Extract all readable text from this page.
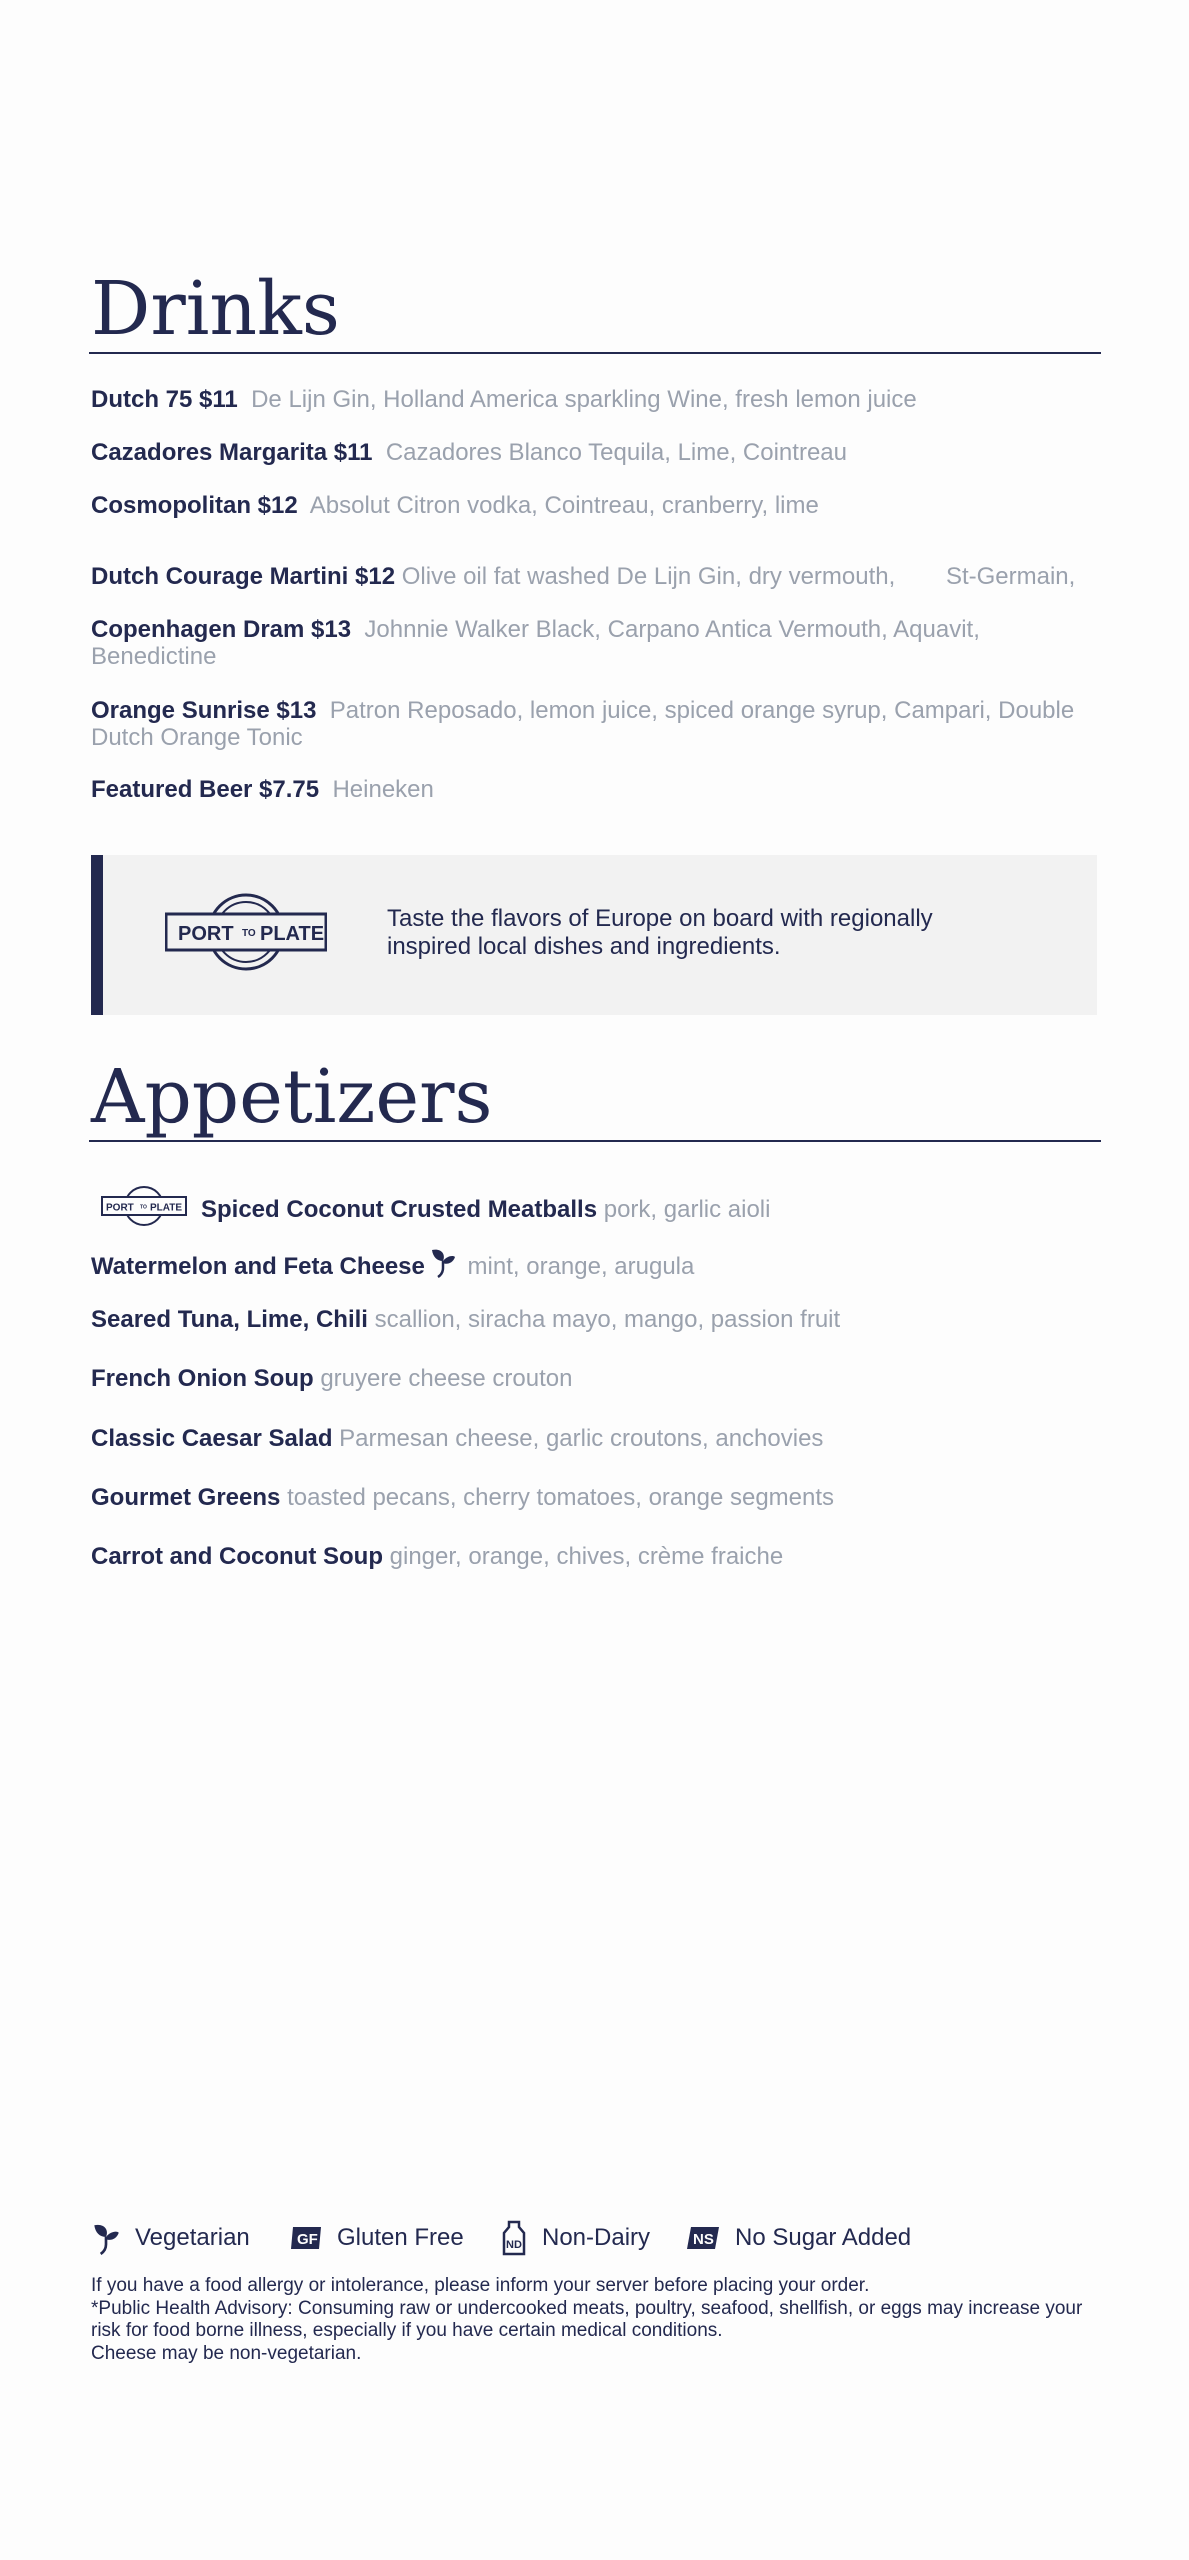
Drinks
Dutch 75 $11 De Lijn Gin, Holland America sparkling Wine, fresh lemon juice
Cazadores Margarita $11 Cazadores Blanco Tequila, Lime, Cointreau
Cosmopolitan $12 Absolut Citron vodka, Cointreau, cranberry, lime
Dutch Courage Martini $12 Olive oil fat washed De Lijn Gin, dry vermouth, St-Germain,
Copenhagen Dram $13 Johnnie Walker Black, Carpano Antica Vermouth, Aquavit, Benedictine
Orange Sunrise $13 Patron Reposado, lemon juice, spiced orange syrup, Campari, Double Dutch Orange Tonic
Featured Beer $7.75 Heineken
PORT TO PLATE
Taste the flavors of Europe on board with regionally inspired local dishes and ingredients.
Appetizers
PORT TO PLATE Spiced Coconut Crusted Meatballs pork, garlic aioli
Watermelon and Feta Cheese mint, orange, arugula
Seared Tuna, Lime, Chili scallion, siracha mayo, mango, passion fruit
French Onion Soup gruyere cheese crouton
Classic Caesar Salad Parmesan cheese, garlic croutons, anchovies
Gourmet Greens toasted pecans, cherry tomatoes, orange segments
Carrot and Coconut Soup ginger, orange, chives, crème fraiche
Vegetarian	GF Gluten Free	ND Non-Dairy	NS No Sugar Added

If you have a food allergy or intolerance, please inform your server before placing your order.

*Public Health Advisory: Consuming raw or undercooked meats, poultry, seafood, shellfish, or eggs may increase your risk for food borne illness, especially if you have certain medical conditions.

Cheese may be non-vegetarian.
